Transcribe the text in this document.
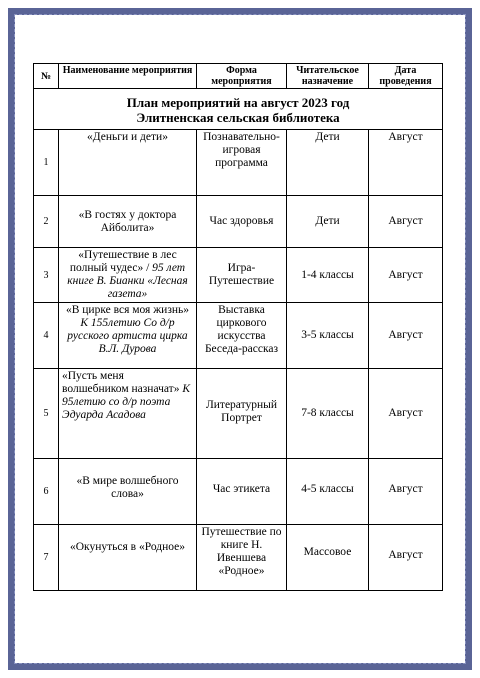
План мероприятий на август 2023 год
Элитненская сельская библиотека				

№	Наименование мероприятия	Форма мероприятия	Читательское назначение	Дата проведения
1	«Деньги и дети»	Познавательно-игровая программа	Дети	Август
2	«В гостях у доктора Айболита»	Час здоровья	Дети	Август
3	«Путешествие в лес полный чудес» / 95 лет книге В. Бианки «Лесная газета»	Игра-Путешествие	1-4 классы	Август
4	«В цирке вся моя жизнь» К 155летию Со д/р русского артиста цирка В.Л. Дурова	Выставка циркового искусства Беседа-рассказ	3-5 классы	Август
5	«Пусть меня волшебником назначат» К 95летию со д/р поэта Эдуарда Асадова	Литературный Портрет	7-8 классы	Август
6	«В мире волшебного слова»	Час этикета	4-5 классы	Август
7	«Окунуться в «Родное»	Путешествие по книге Н. Ивеншева «Родное»	Массовое	Август
